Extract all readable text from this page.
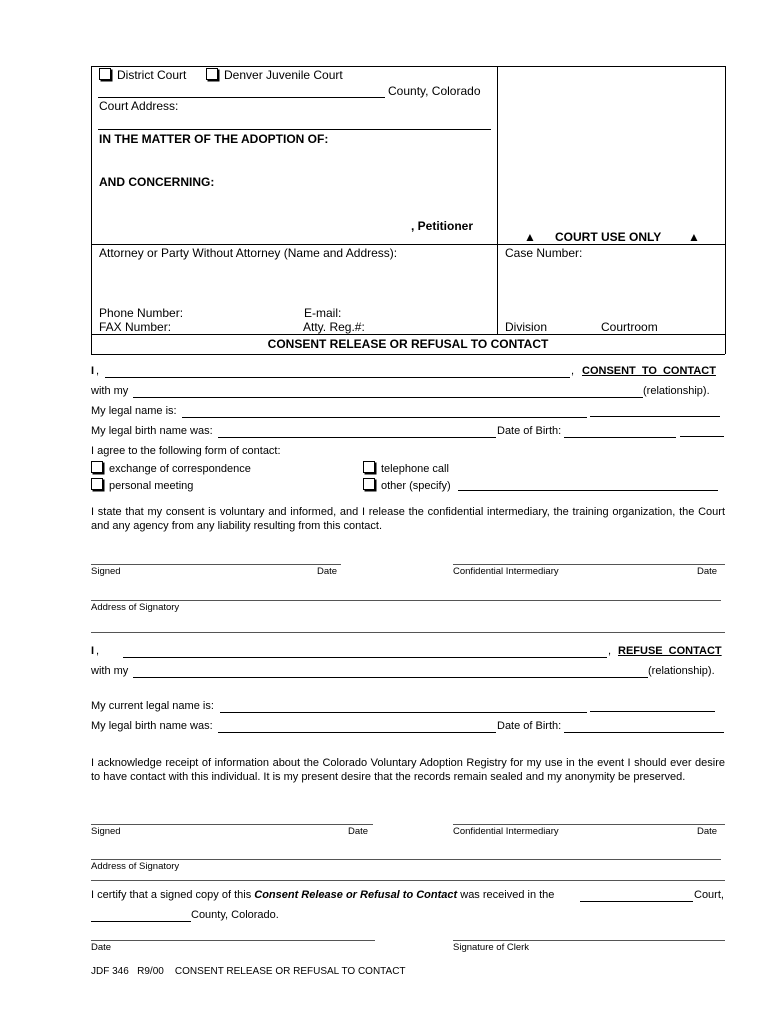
District Court	Denver Juvenile Court
County, Colorado
Court Address:
IN THE MATTER OF THE ADOPTION OF:
AND CONCERNING:
, Petitioner
▲ COURT USE ONLY ▲
Attorney or Party Without Attorney (Name and Address):	Case Number:
Phone Number:	E-mail:
FAX Number:	Atty. Reg.#:	Division	Courtroom
CONSENT RELEASE OR REFUSAL TO CONTACT
I ,	, CONSENT TO CONTACT
with my	(relationship).
My legal name is:
My legal birth name was:	Date of Birth:
I agree to the following form of contact:
exchange of correspondence	telephone call
personal meeting	other (specify)
I state that my consent is voluntary and informed, and I release the confidential intermediary, the training organization, the Court and any agency from any liability resulting from this contact.
Signed	Date	Confidential Intermediary	Date
Address of Signatory
I ,	, REFUSE CONTACT
with my	(relationship).
My current legal name is:
My legal birth name was:	Date of Birth:
I acknowledge receipt of information about the Colorado Voluntary Adoption Registry for my use in the event I should ever desire to have contact with this individual. It is my present desire that the records remain sealed and my anonymity be preserved.
Signed	Date	Confidential Intermediary	Date
Address of Signatory
I certify that a signed copy of this Consent Release or Refusal to Contact was received in the	Court,
County, Colorado.
Date	Signature of Clerk
JDF 346   R9/00    CONSENT RELEASE OR REFUSAL TO CONTACT
